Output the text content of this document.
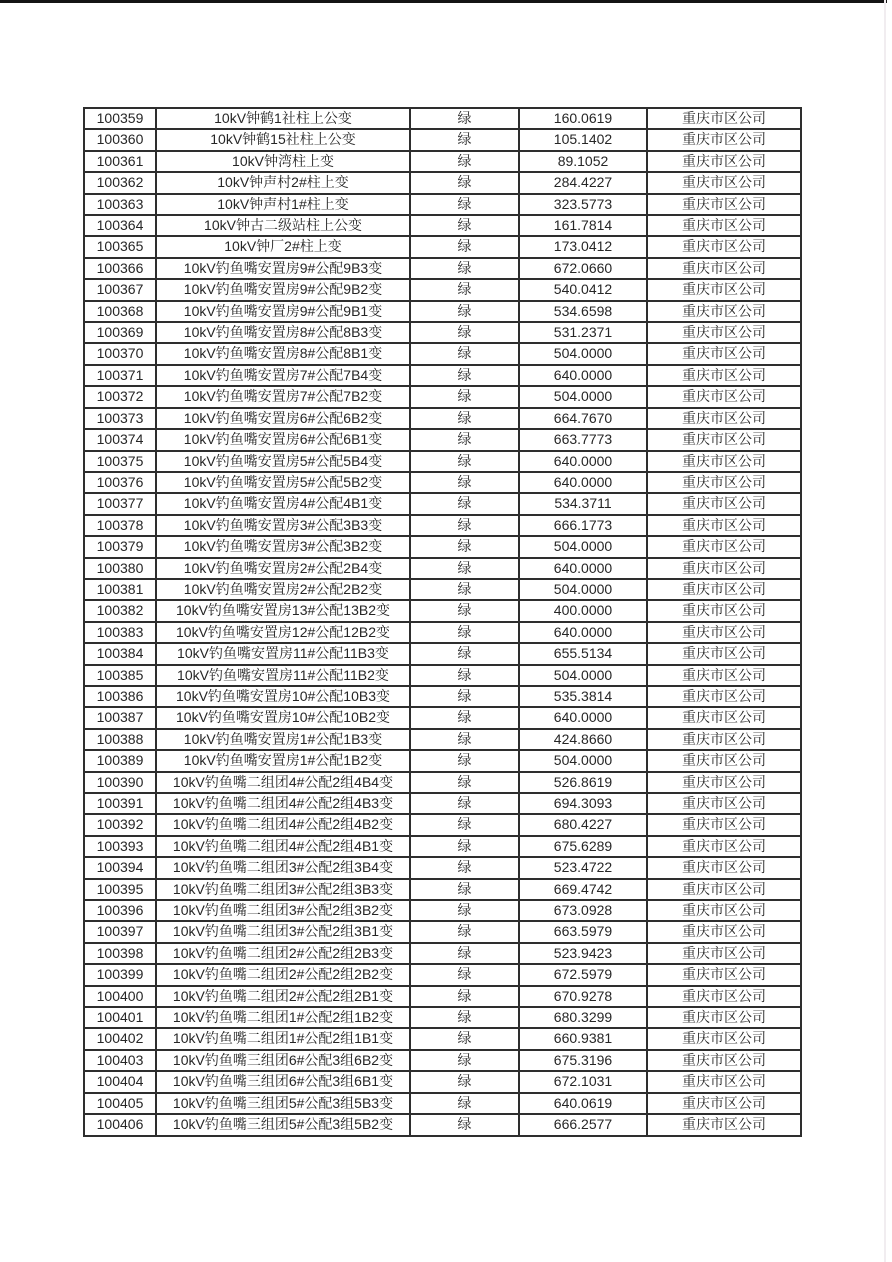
100359	10kV钟鹤1社柱上公变	绿	160.0619	重庆市区公司
100360	10kV钟鹤15社柱上公变	绿	105.1402	重庆市区公司
100361	10kV钟湾柱上变	绿	89.1052	重庆市区公司
100362	10kV钟声村2#柱上变	绿	284.4227	重庆市区公司
100363	10kV钟声村1#柱上变	绿	323.5773	重庆市区公司
100364	10kV钟古二级站柱上公变	绿	161.7814	重庆市区公司
100365	10kV钟厂2#柱上变	绿	173.0412	重庆市区公司
100366	10kV钓鱼嘴安置房9#公配9B3变	绿	672.0660	重庆市区公司
100367	10kV钓鱼嘴安置房9#公配9B2变	绿	540.0412	重庆市区公司
100368	10kV钓鱼嘴安置房9#公配9B1变	绿	534.6598	重庆市区公司
100369	10kV钓鱼嘴安置房8#公配8B3变	绿	531.2371	重庆市区公司
100370	10kV钓鱼嘴安置房8#公配8B1变	绿	504.0000	重庆市区公司
100371	10kV钓鱼嘴安置房7#公配7B4变	绿	640.0000	重庆市区公司
100372	10kV钓鱼嘴安置房7#公配7B2变	绿	504.0000	重庆市区公司
100373	10kV钓鱼嘴安置房6#公配6B2变	绿	664.7670	重庆市区公司
100374	10kV钓鱼嘴安置房6#公配6B1变	绿	663.7773	重庆市区公司
100375	10kV钓鱼嘴安置房5#公配5B4变	绿	640.0000	重庆市区公司
100376	10kV钓鱼嘴安置房5#公配5B2变	绿	640.0000	重庆市区公司
100377	10kV钓鱼嘴安置房4#公配4B1变	绿	534.3711	重庆市区公司
100378	10kV钓鱼嘴安置房3#公配3B3变	绿	666.1773	重庆市区公司
100379	10kV钓鱼嘴安置房3#公配3B2变	绿	504.0000	重庆市区公司
100380	10kV钓鱼嘴安置房2#公配2B4变	绿	640.0000	重庆市区公司
100381	10kV钓鱼嘴安置房2#公配2B2变	绿	504.0000	重庆市区公司
100382	10kV钓鱼嘴安置房13#公配13B2变	绿	400.0000	重庆市区公司
100383	10kV钓鱼嘴安置房12#公配12B2变	绿	640.0000	重庆市区公司
100384	10kV钓鱼嘴安置房11#公配11B3变	绿	655.5134	重庆市区公司
100385	10kV钓鱼嘴安置房11#公配11B2变	绿	504.0000	重庆市区公司
100386	10kV钓鱼嘴安置房10#公配10B3变	绿	535.3814	重庆市区公司
100387	10kV钓鱼嘴安置房10#公配10B2变	绿	640.0000	重庆市区公司
100388	10kV钓鱼嘴安置房1#公配1B3变	绿	424.8660	重庆市区公司
100389	10kV钓鱼嘴安置房1#公配1B2变	绿	504.0000	重庆市区公司
100390	10kV钓鱼嘴二组团4#公配2组4B4变	绿	526.8619	重庆市区公司
100391	10kV钓鱼嘴二组团4#公配2组4B3变	绿	694.3093	重庆市区公司
100392	10kV钓鱼嘴二组团4#公配2组4B2变	绿	680.4227	重庆市区公司
100393	10kV钓鱼嘴二组团4#公配2组4B1变	绿	675.6289	重庆市区公司
100394	10kV钓鱼嘴二组团3#公配2组3B4变	绿	523.4722	重庆市区公司
100395	10kV钓鱼嘴二组团3#公配2组3B3变	绿	669.4742	重庆市区公司
100396	10kV钓鱼嘴二组团3#公配2组3B2变	绿	673.0928	重庆市区公司
100397	10kV钓鱼嘴二组团3#公配2组3B1变	绿	663.5979	重庆市区公司
100398	10kV钓鱼嘴二组团2#公配2组2B3变	绿	523.9423	重庆市区公司
100399	10kV钓鱼嘴二组团2#公配2组2B2变	绿	672.5979	重庆市区公司
100400	10kV钓鱼嘴二组团2#公配2组2B1变	绿	670.9278	重庆市区公司
100401	10kV钓鱼嘴二组团1#公配2组1B2变	绿	680.3299	重庆市区公司
100402	10kV钓鱼嘴二组团1#公配2组1B1变	绿	660.9381	重庆市区公司
100403	10kV钓鱼嘴三组团6#公配3组6B2变	绿	675.3196	重庆市区公司
100404	10kV钓鱼嘴三组团6#公配3组6B1变	绿	672.1031	重庆市区公司
100405	10kV钓鱼嘴三组团5#公配3组5B3变	绿	640.0619	重庆市区公司
100406	10kV钓鱼嘴三组团5#公配3组5B2变	绿	666.2577	重庆市区公司
